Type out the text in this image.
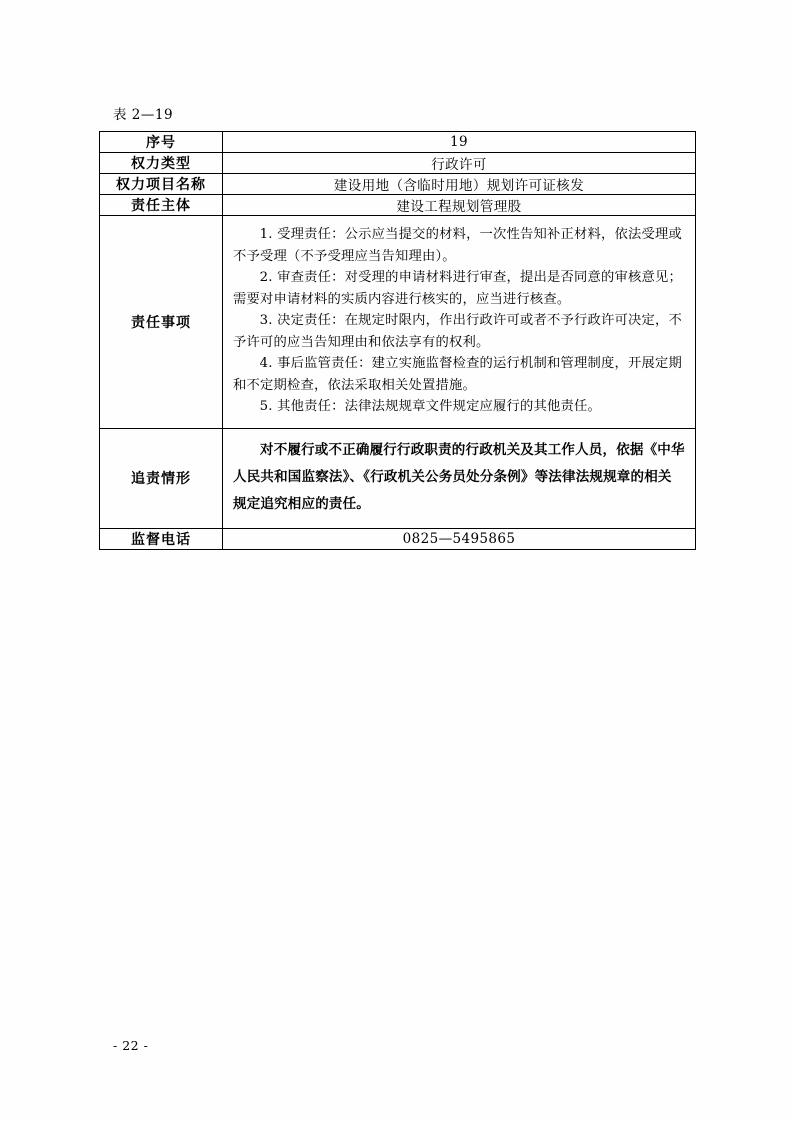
表 2—19
序号	19
权力类型	行政许可
权力项目名称	建设用地（含临时用地）规划许可证核发
责任主体	建设工程规划管理股
责任事项	1. 受理责任：公示应当提交的材料，一次性告知补正材料，依法受理或不予受理（不予受理应当告知理由）。

2. 审查责任：对受理的申请材料进行审查，提出是否同意的审核意见；需要对申请材料的实质内容进行核实的，应当进行核查。

3. 决定责任：在规定时限内，作出行政许可或者不予行政许可决定，不予许可的应当告知理由和依法享有的权利。

4. 事后监管责任：建立实施监督检查的运行机制和管理制度，开展定期和不定期检查，依法采取相关处置措施。

5. 其他责任：法律法规规章文件规定应履行的其他责任。

追责情形	对不履行或不正确履行行政职责的行政机关及其工作人员，依据《中华人民共和国监察法》、《行政机关公务员处分条例》等法律法规规章的相关规定追究相应的责任。

监督电话	0825—5495865
- 22 -
